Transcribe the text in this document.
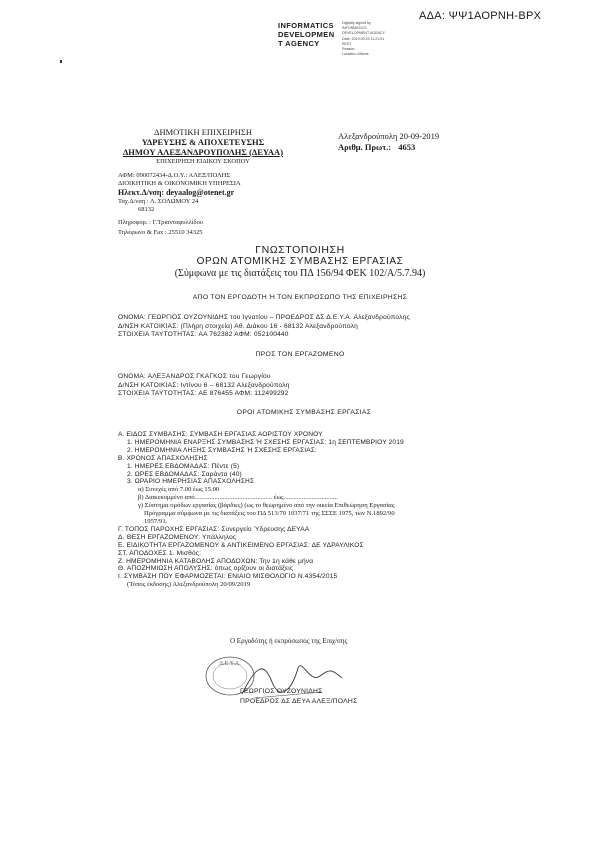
ΑΔΑ: ΨΨ1ΑΟΡΝΗ-ΒΡΧ
INFORMATICS
DEVELOPMEN
T AGENCY
Digitally signed by
INFORMATICS
DEVELOPMENT AGENCY
Date: 2019.09.23 11:21:51
EEST
Reason:
Location: Athens
ΔΗΜΟΤΙΚΗ ΕΠΙΧΕΙΡΗΣΗ
ΥΔΡΕΥΣΗΣ & ΑΠΟΧΕΤΕΥΣΗΣ
ΔΗΜΟΥ ΑΛΕΞΑΝΔΡΟΥΠΟΛΗΣ (ΔΕΥΑΑ)
ΕΠΙΧΕΙΡΗΣΗ ΕΙΔΙΚΟΥ ΣΚΟΠΟΥ
Αλεξανδρούπολη 20-09-2019
Αριθμ. Πρωτ.: 4653
ΑΦΜ: 090072434-Δ.Ο.Υ.: ΑΛΕΞ/ΠΟΛΗΣ
ΔΙΟΙΚΗΤΙΚΗ & ΟΙΚΟΝΟΜΙΚΗ ΥΠΗΡΕΣΙΑ
Ηλεκτ.Δ/νση: deyaalog@otenet.gr
Ταχ.Δ/νση : Λ. ΣΟΛΩΜΟΥ 24
68132
Πληροφορ. : Γ.Τριανταφυλλίδου
Τηλέφωνο & Fax : 25510 34325
ΓΝΩΣΤΟΠΟΙΗΣΗ
ΟΡΩΝ ΑΤΟΜΙΚΗΣ ΣΥΜΒΑΣΗΣ ΕΡΓΑΣΙΑΣ
(Σύμφωνα με τις διατάξεις του ΠΔ 156/94 ΦΕΚ 102/Α/5.7.94)
ΑΠΟ ΤΟΝ ΕΡΓΟΔΟΤΗ Ή ΤΟΝ ΕΚΠΡΟΣΩΠΟ ΤΗΣ ΕΠΙΧΕΙΡΗΣΗΣ
ΟΝΟΜΑ: ΓΕΩΡΓΙΟΣ ΟΥΖΟΥΝΙΔΗΣ του Ιγνατίου – ΠΡΟΕΔΡΟΣ ΔΣ Δ.Ε.Υ.Α. Αλεξανδρούπολης
Δ/ΝΣΗ ΚΑΤΟΙΚΙΑΣ: (Πλήρη στοιχεία) Αθ. Διάκου 16 - 68132 Αλεξανδρούπολη
ΣΤΟΙΧΕΙΑ ΤΑΥΤΟΤΗΤΑΣ: ΑΑ 762382 ΑΦΜ: 052100440
ΠΡΟΣ ΤΟΝ ΕΡΓΑΖΟΜΕΝΟ
ΟΝΟΜΑ: ΑΛΕΞΑΝΔΡΟΣ ΓΚΑΓΚΟΣ του Γεωργίου
Δ/ΝΣΗ ΚΑΤΟΙΚΙΑΣ: Ιντίνου 6 – 68132 Αλεξανδρούπολη
ΣΤΟΙΧΕΙΑ ΤΑΥΤΟΤΗΤΑΣ: ΑΕ 876455 ΑΦΜ: 112499292
ΟΡΟΙ ΑΤΟΜΙΚΗΣ ΣΥΜΒΑΣΗΣ ΕΡΓΑΣΙΑΣ
Α. ΕΙΔΟΣ ΣΥΜΒΑΣΗΣ: ΣΥΜΒΑΣΗ ΕΡΓΑΣΙΑΣ ΑΟΡΙΣΤΟΥ ΧΡΟΝΟΥ
1. ΗΜΕΡΟΜΗΝΙΑ ΕΝΑΡΞΗΣ ΣΥΜΒΑΣΗΣ Ή ΣΧΕΣΗΣ ΕΡΓΑΣΙΑΣ: 1η ΣΕΠΤΕΜΒΡΙΟΥ 2019
2. ΗΜΕΡΟΜΗΝΙΑ ΛΗΞΗΣ ΣΥΜΒΑΣΗΣ Ή ΣΧΕΣΗΣ ΕΡΓΑΣΙΑΣ:
Β. ΧΡΟΝΟΣ ΑΠΑΣΧΟΛΗΣΗΣ
1. ΗΜΕΡΕΣ ΕΒΔΟΜΑΔΑΣ: Πέντε (5)
2. ΩΡΕΣ ΕΒΔΟΜΑΔΑΣ: Σαράντα (40)
3. ΩΡΑΡΙΟ ΗΜΕΡΗΣΙΑΣ ΑΠΑΣΧΟΛΗΣΗΣ
α) Συνεχές από 7.00 έως 15.00
β) Διακεκομμένο από............................................... έως.................................
γ) Σύστημα ομάδων εργασίας (βάρδιες) (ως το θεωρημένο από την οικεία Επιθεώρηση Εργασίας
Πρόγραμμα σύμφωνα με τις διατάξεις του ΠΔ 513/70 1037/71 της ΣΣΣΕ 1975, των Ν.1892/90
1957/91.
Γ. ΤΟΠΟΣ ΠΑΡΟΧΗΣ ΕΡΓΑΣΙΑΣ: Συνεργείο Ύδρευσης ΔΕΥΑΑ
Δ. ΘΕΣΗ ΕΡΓΑΖΟΜΕΝΟΥ: Υπάλληλος
Ε. ΕΙΔΙΚΟΤΗΤΑ ΕΡΓΑΖΟΜΕΝΟΥ & ΑΝΤΙΚΕΙΜΕΝΟ ΕΡΓΑΣΙΑΣ: ΔΕ ΥΔΡΑΥΛΙΚΟΣ
ΣΤ. ΑΠΟΔΟΧΕΣ 1. Μισθός:
Ζ. ΗΜΕΡΟΜΗΝΙΑ ΚΑΤΑΒΟΛΗΣ ΑΠΟΔΟΧΩΝ: Την 1η κάθε μήνα
Θ. ΑΠΟΖΗΜΙΩΣΗ ΑΠΟΛΥΣΗΣ: όπως ορίζουν οι διατάξεις
Ι. ΣΥΜΒΑΣΗ ΠΟΥ ΕΦΑΡΜΟΖΕΤΑΙ: ΕΝΙΑΙΟ ΜΙΣΘΟΛΟΓΙΟ Ν.4354/2015
(Τόπος έκδοσης) Αλεξανδρούπολη 20/09/2019
Ο Εργοδότης ή εκπρόσωπος της Επιχ/σης
Δ.Ε.Υ.Α.
ΓΕΩΡΓΙΟΣ ΟΥΖΟΥΝΙΔΗΣ
ΠΡΟΕΔΡΟΣ ΔΣ ΔΕΥΑ ΑΛΕΞ/ΠΟΛΗΣ
